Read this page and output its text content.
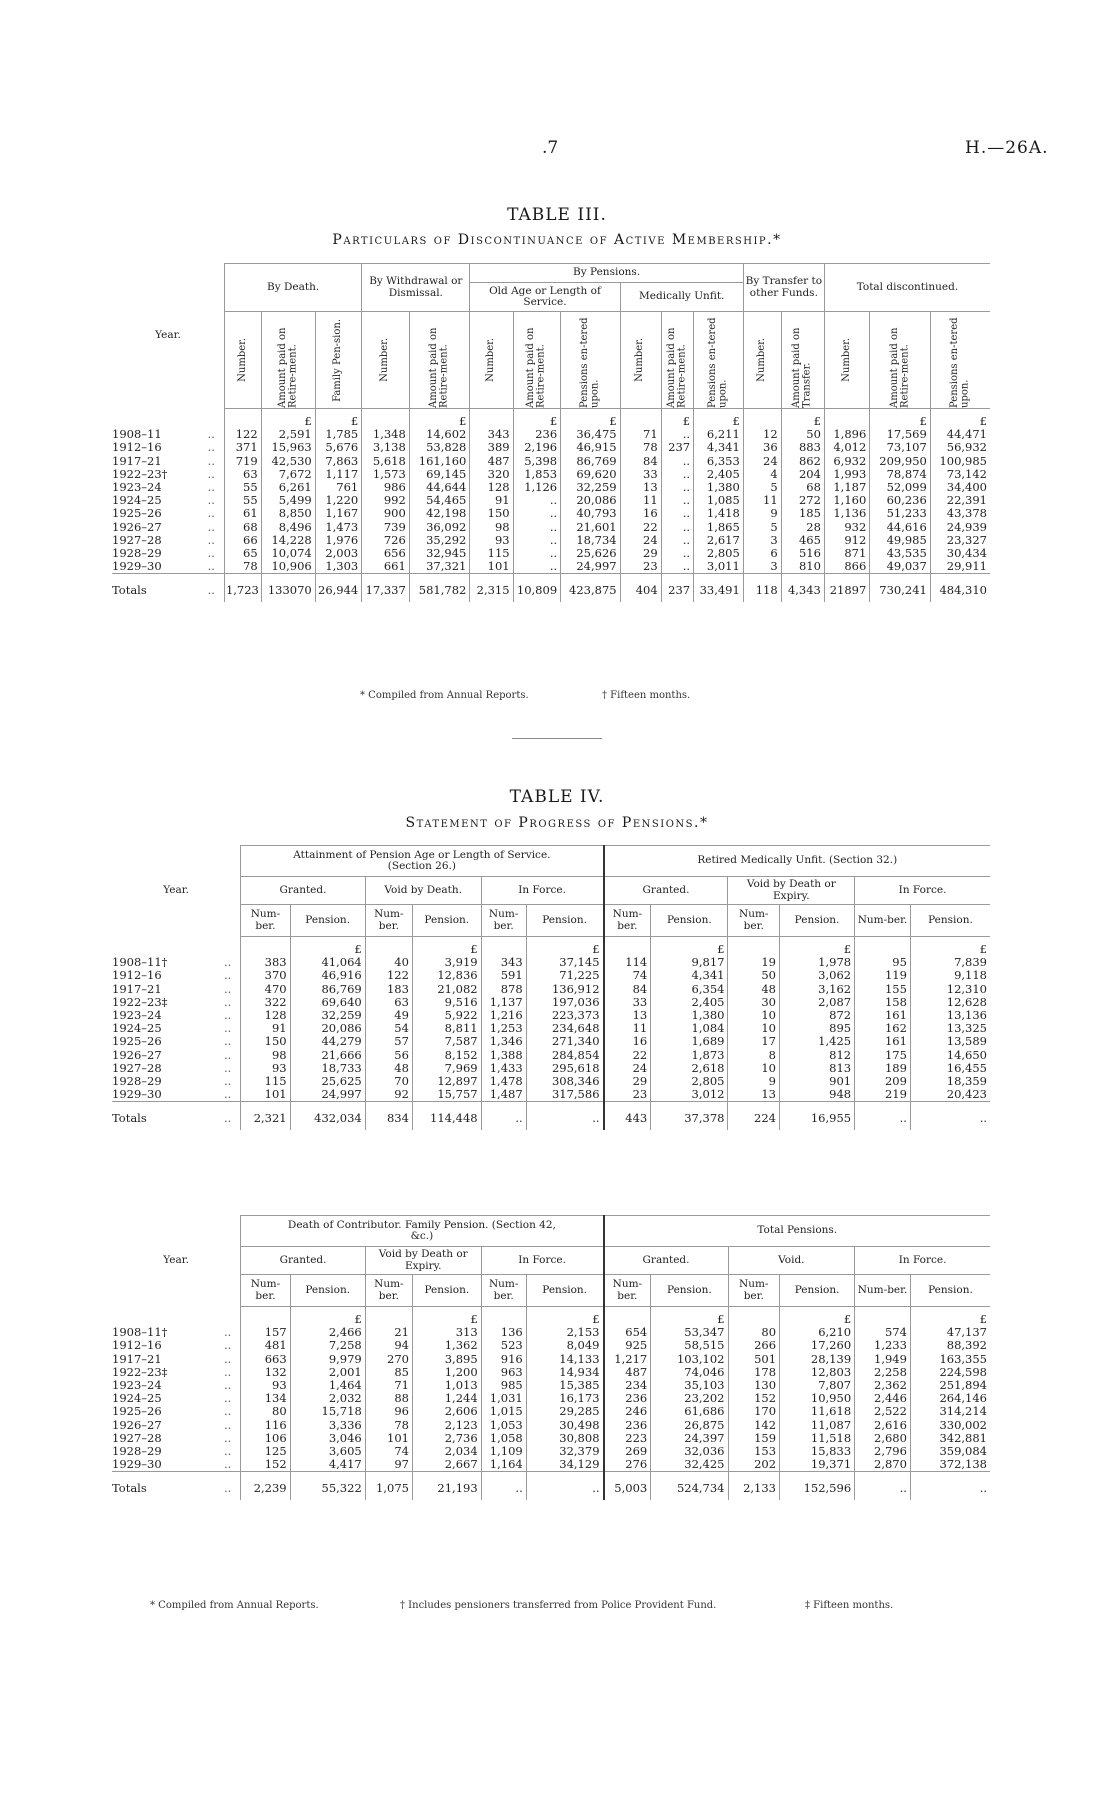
.7	H.—26A.
TABLE III.
Particulars of Discontinuance of Active Membership.*
Year.	By Death.			By Withdrawal or Dismissal.		By Pensions.						By Transfer to other Funds.		Total discontinued.		
						Old Age or Length of Service.			Medically Unfit.							

	Number.	Amount paid on Retire-ment.	Family Pen-sion.	Number.	Amount paid on Retire-ment.	Number.	Amount paid on Retire-ment.	Pensions en-tered upon.	Number.	Amount paid on Retire-ment.	Pensions en-tered upon.	Number.	Amount paid on Transfer.	Number.	Amount paid on Retire-ment.	Pensions en-tered upon.

		£	£		£		£	£		£	£		£		£	£
1908–11 ..	122	2,591	1,785	1,348	14,602	343	236	36,475	71	..	6,211	12	50	1,896	17,569	44,471
1912–16 ..	371	15,963	5,676	3,138	53,828	389	2,196	46,915	78	237	4,341	36	883	4,012	73,107	56,932
1917–21 ..	719	42,530	7,863	5,618	161,160	487	5,398	86,769	84	..	6,353	24	862	6,932	209,950	100,985
1922–23† ..	63	7,672	1,117	1,573	69,145	320	1,853	69,620	33	..	2,405	4	204	1,993	78,874	73,142
1923–24 ..	55	6,261	761	986	44,644	128	1,126	32,259	13	..	1,380	5	68	1,187	52,099	34,400
1924–25 ..	55	5,499	1,220	992	54,465	91	..	20,086	11	..	1,085	11	272	1,160	60,236	22,391
1925–26 ..	61	8,850	1,167	900	42,198	150	..	40,793	16	..	1,418	9	185	1,136	51,233	43,378
1926–27 ..	68	8,496	1,473	739	36,092	98	..	21,601	22	..	1,865	5	28	932	44,616	24,939
1927–28 ..	66	14,228	1,976	726	35,292	93	..	18,734	24	..	2,617	3	465	912	49,985	23,327
1928–29 ..	65	10,074	2,003	656	32,945	115	..	25,626	29	..	2,805	6	516	871	43,535	30,434
1929–30 ..	78	10,906	1,303	661	37,321	101	..	24,997	23	..	3,011	3	810	866	49,037	29,911
Totals ..	1,723	133070	26,944	17,337	581,782	2,315	10,809	423,875	404	237	33,491	118	4,343	21897	730,241	484,310
* Compiled from Annual Reports.	† Fifteen months.
TABLE IV.
Statement of Progress of Pensions.*
Year.	Attainment of Pension Age or Length of Service. (Section 26.)						Retired Medically Unfit. (Section 32.)					
	Granted.		Void by Death.		In Force.		Granted.		Void by Death or Expiry.		In Force.	
	Num-ber.	Pension.	Num-ber.	Pension.	Num-ber.	Pension.	Num-ber.	Pension.	Num-ber.	Pension.	Num-ber.	Pension.
		£		£		£		£		£		£
1908–11† ..	383	41,064	40	3,919	343	37,145	114	9,817	19	1,978	95	7,839
1912–16 ..	370	46,916	122	12,836	591	71,225	74	4,341	50	3,062	119	9,118
1917–21 ..	470	86,769	183	21,082	878	136,912	84	6,354	48	3,162	155	12,310
1922–23‡ ..	322	69,640	63	9,516	1,137	197,036	33	2,405	30	2,087	158	12,628
1923–24 ..	128	32,259	49	5,922	1,216	223,373	13	1,380	10	872	161	13,136
1924–25 ..	91	20,086	54	8,811	1,253	234,648	11	1,084	10	895	162	13,325
1925–26 ..	150	44,279	57	7,587	1,346	271,340	16	1,689	17	1,425	161	13,589
1926–27 ..	98	21,666	56	8,152	1,388	284,854	22	1,873	8	812	175	14,650
1927–28 ..	93	18,733	48	7,969	1,433	295,618	24	2,618	10	813	189	16,455
1928–29 ..	115	25,625	70	12,897	1,478	308,346	29	2,805	9	901	209	18,359
1929–30 ..	101	24,997	92	15,757	1,487	317,586	23	3,012	13	948	219	20,423
Totals ..	2,321	432,034	834	114,448	..	..	443	37,378	224	16,955	..	..
Year.	Death of Contributor. Family Pension. (Section 42, &c.)						Total Pensions.					
	Granted.		Void by Death or Expiry.		In Force.		Granted.		Void.		In Force.	
	Num-ber.	Pension.	Num-ber.	Pension.	Num-ber.	Pension.	Num-ber.	Pension.	Num-ber.	Pension.	Num-ber.	Pension.
		£		£		£		£		£		£
1908–11† ..	157	2,466	21	313	136	2,153	654	53,347	80	6,210	574	47,137
1912–16 ..	481	7,258	94	1,362	523	8,049	925	58,515	266	17,260	1,233	88,392
1917–21 ..	663	9,979	270	3,895	916	14,133	1,217	103,102	501	28,139	1,949	163,355
1922–23‡ ..	132	2,001	85	1,200	963	14,934	487	74,046	178	12,803	2,258	224,598
1923–24 ..	93	1,464	71	1,013	985	15,385	234	35,103	130	7,807	2,362	251,894
1924–25 ..	134	2,032	88	1,244	1,031	16,173	236	23,202	152	10,950	2,446	264,146
1925–26 ..	80	15,718	96	2,606	1,015	29,285	246	61,686	170	11,618	2,522	314,214
1926–27 ..	116	3,336	78	2,123	1,053	30,498	236	26,875	142	11,087	2,616	330,002
1927–28 ..	106	3,046	101	2,736	1,058	30,808	223	24,397	159	11,518	2,680	342,881
1928–29 ..	125	3,605	74	2,034	1,109	32,379	269	32,036	153	15,833	2,796	359,084
1929–30 ..	152	4,417	97	2,667	1,164	34,129	276	32,425	202	19,371	2,870	372,138
Totals ..	2,239	55,322	1,075	21,193	..	..	5,003	524,734	2,133	152,596	..	..
* Compiled from Annual Reports.	† Includes pensioners transferred from Police Provident Fund.	‡ Fifteen months.
